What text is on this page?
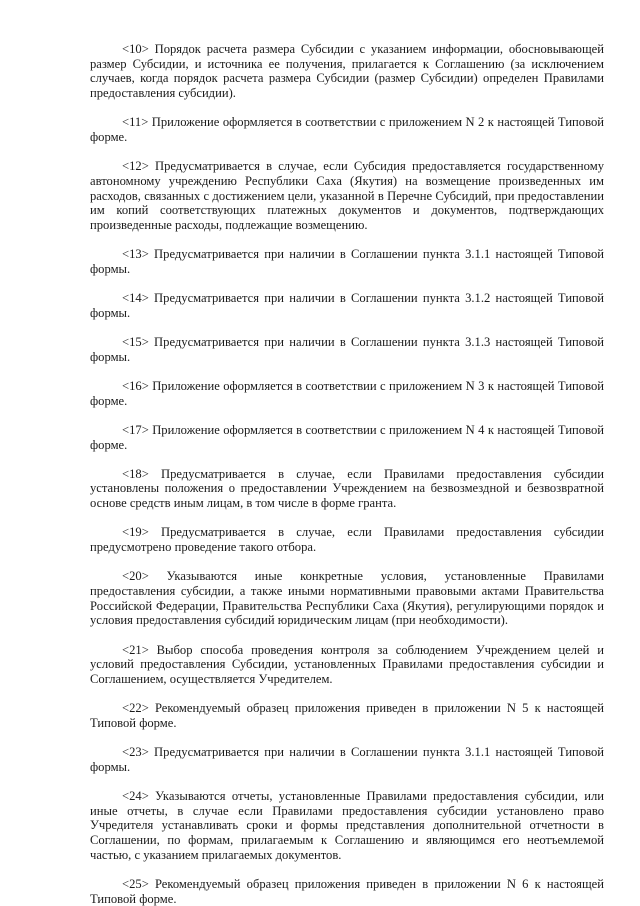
<10> Порядок расчета размера Субсидии с указанием информации, обосновывающей размер Субсидии, и источника ее получения, прилагается к Соглашению (за исключением случаев, когда порядок расчета размера Субсидии (размер Субсидии) определен Правилами предоставления субсидии).

<11> Приложение оформляется в соответствии с приложением N 2 к настоящей Типовой форме.

<12> Предусматривается в случае, если Субсидия предоставляется государственному автономному учреждению Республики Саха (Якутия) на возмещение произведенных им расходов, связанных с достижением цели, указанной в Перечне Субсидий, при предоставлении им копий соответствующих платежных документов и документов, подтверждающих произведенные расходы, подлежащие возмещению.

<13> Предусматривается при наличии в Соглашении пункта 3.1.1 настоящей Типовой формы.

<14> Предусматривается при наличии в Соглашении пункта 3.1.2 настоящей Типовой формы.

<15> Предусматривается при наличии в Соглашении пункта 3.1.3 настоящей Типовой формы.

<16> Приложение оформляется в соответствии с приложением N 3 к настоящей Типовой форме.

<17> Приложение оформляется в соответствии с приложением N 4 к настоящей Типовой форме.

<18> Предусматривается в случае, если Правилами предоставления субсидии установлены положения о предоставлении Учреждением на безвозмездной и безвозвратной основе средств иным лицам, в том числе в форме гранта.

<19> Предусматривается в случае, если Правилами предоставления субсидии предусмотрено проведение такого отбора.

<20> Указываются иные конкретные условия, установленные Правилами предоставления субсидии, а также иными нормативными правовыми актами Правительства Российской Федерации, Правительства Республики Саха (Якутия), регулирующими порядок и условия предоставления субсидий юридическим лицам (при необходимости).

<21> Выбор способа проведения контроля за соблюдением Учреждением целей и условий предоставления Субсидии, установленных Правилами предоставления субсидии и Соглашением, осуществляется Учредителем.

<22> Рекомендуемый образец приложения приведен в приложении N 5 к настоящей Типовой форме.

<23> Предусматривается при наличии в Соглашении пункта 3.1.1 настоящей Типовой формы.

<24> Указываются отчеты, установленные Правилами предоставления субсидии, или иные отчеты, в случае если Правилами предоставления субсидии установлено право Учредителя устанавливать сроки и формы представления дополнительной отчетности в Соглашении, по формам, прилагаемым к Соглашению и являющимся его неотъемлемой частью, с указанием прилагаемых документов.

<25> Рекомендуемый образец приложения приведен в приложении N 6 к настоящей Типовой форме.
